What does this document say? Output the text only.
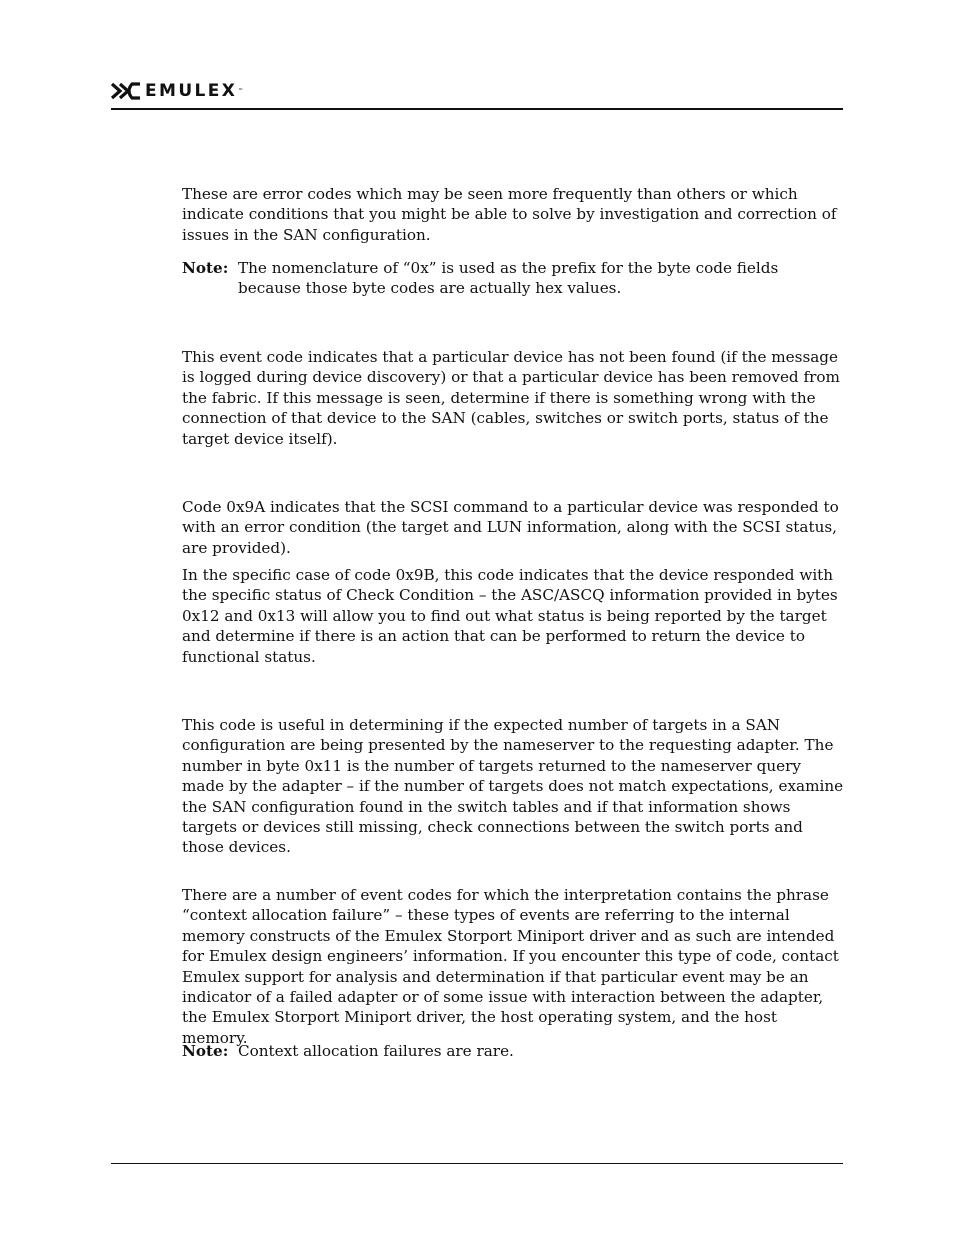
EMULEX™

These are error codes which may be seen more frequently than others or which indicate conditions that you might be able to solve by investigation and correction of issues in the SAN configuration.

Note: The nomenclature of “0x” is used as the prefix for the byte code fields because those byte codes are actually hex values.

This event code indicates that a particular device has not been found (if the message is logged during device discovery) or that a particular device has been removed from the fabric. If this message is seen, determine if there is something wrong with the connection of that device to the SAN (cables, switches or switch ports, status of the target device itself).

Code 0x9A indicates that the SCSI command to a particular device was responded to with an error condition (the target and LUN information, along with the SCSI status, are provided).

In the specific case of code 0x9B, this code indicates that the device responded with the specific status of Check Condition – the ASC/ASCQ information provided in bytes 0x12 and 0x13 will allow you to find out what status is being reported by the target and determine if there is an action that can be performed to return the device to functional status.

This code is useful in determining if the expected number of targets in a SAN configuration are being presented by the nameserver to the requesting adapter. The number in byte 0x11 is the number of targets returned to the nameserver query made by the adapter – if the number of targets does not match expectations, examine the SAN configuration found in the switch tables and if that information shows targets or devices still missing, check connections between the switch ports and those devices.

There are a number of event codes for which the interpretation contains the phrase “context allocation failure” – these types of events are referring to the internal memory constructs of the Emulex Storport Miniport driver and as such are intended for Emulex design engineers’ information. If you encounter this type of code, contact Emulex support for analysis and determination if that particular event may be an indicator of a failed adapter or of some issue with interaction between the adapter, the Emulex Storport Miniport driver, the host operating system, and the host memory.

Note: Context allocation failures are rare.
